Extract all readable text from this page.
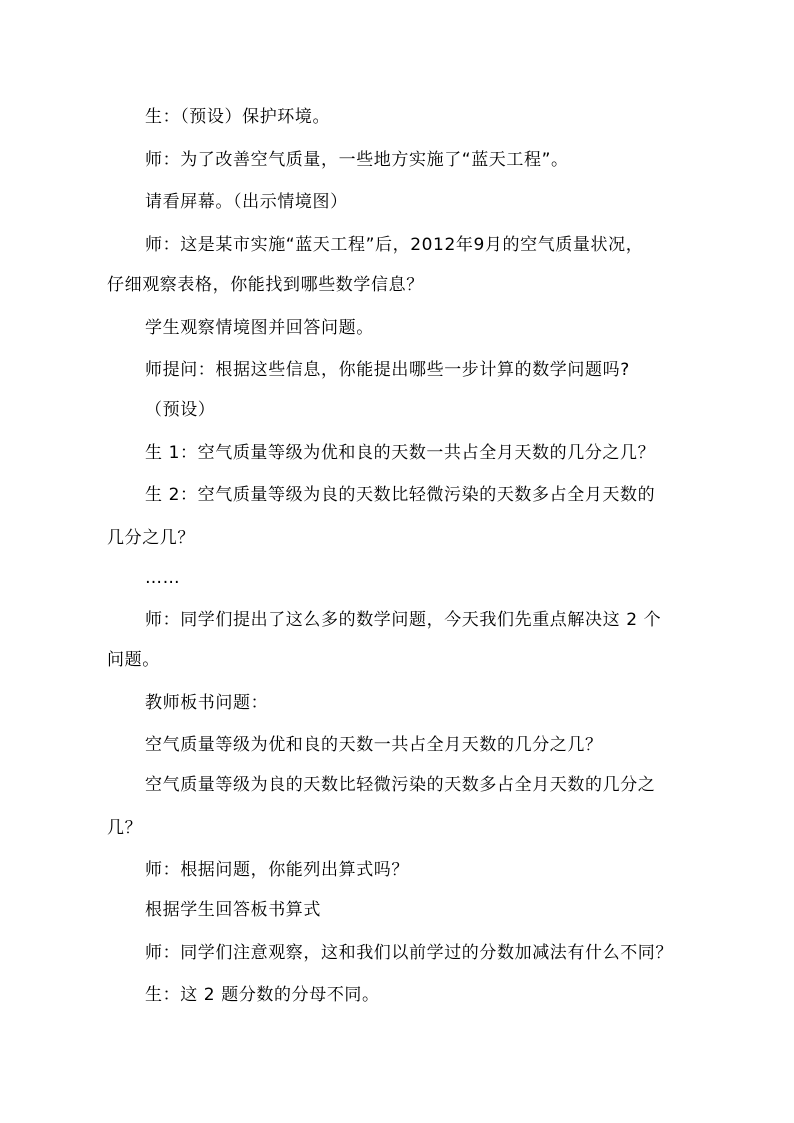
生：（预设）保护环境。
师：为了改善空气质量，一些地方实施了“蓝天工程”。
请看屏幕。（出示情境图）
师：这是某市实施“蓝天工程”后，2012年9月的空气质量状况，
仔细观察表格，你能找到哪些数学信息？
学生观察情境图并回答问题。
师提问：根据这些信息，你能提出哪些一步计算的数学问题吗?
（预设）
生 1：空气质量等级为优和良的天数一共占全月天数的几分之几？
生 2：空气质量等级为良的天数比轻微污染的天数多占全月天数的
几分之几？
……
师：同学们提出了这么多的数学问题，今天我们先重点解决这 2 个
问题。
教师板书问题：
空气质量等级为优和良的天数一共占全月天数的几分之几？
空气质量等级为良的天数比轻微污染的天数多占全月天数的几分之
几？
师：根据问题，你能列出算式吗？
根据学生回答板书算式
师：同学们注意观察，这和我们以前学过的分数加减法有什么不同？
生：这 2 题分数的分母不同。
